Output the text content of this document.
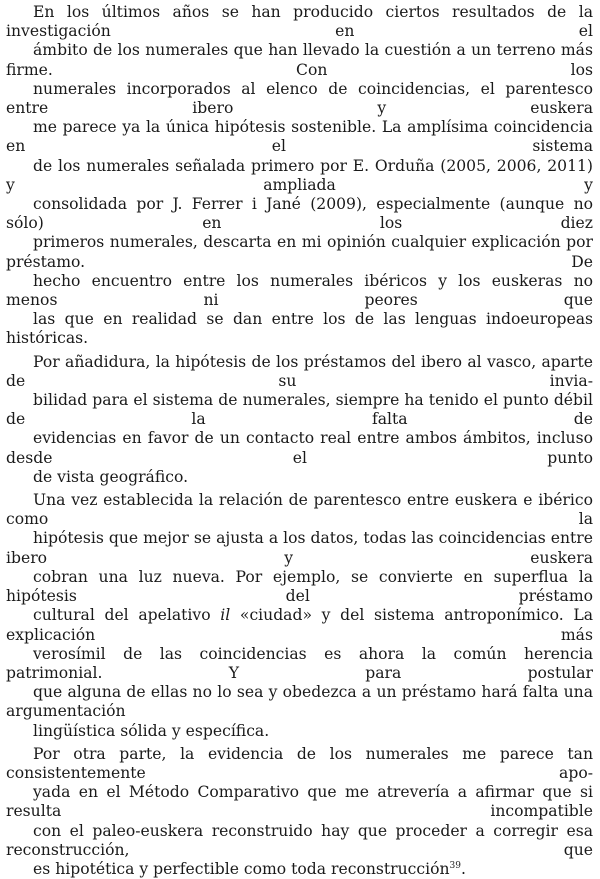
En los últimos años se han producido ciertos resultados de la investigación en el
ámbito de los numerales que han llevado la cuestión a un terreno más firme. Con los
numerales incorporados al elenco de coincidencias, el parentesco entre ibero y euskera
me parece ya la única hipótesis sostenible. La amplísima coincidencia en el sistema
de los numerales señalada primero por E. Orduña (2005, 2006, 2011) y ampliada y
consolidada por J. Ferrer i Jané (2009), especialmente (aunque no sólo) en los diez
primeros numerales, descarta en mi opinión cualquier explicación por préstamo. De
hecho encuentro entre los numerales ibéricos y los euskeras no menos ni peores que
las que en realidad se dan entre los de las lenguas indoeuropeas históricas.
Por añadidura, la hipótesis de los préstamos del ibero al vasco, aparte de su invia-
bilidad para el sistema de numerales, siempre ha tenido el punto débil de la falta de
evidencias en favor de un contacto real entre ambos ámbitos, incluso desde el punto
de vista geográfico.
Una vez establecida la relación de parentesco entre euskera e ibérico como la
hipótesis que mejor se ajusta a los datos, todas las coincidencias entre ibero y euskera
cobran una luz nueva. Por ejemplo, se convierte en superflua la hipótesis del préstamo
cultural del apelativo il «ciudad» y del sistema antroponímico. La explicación más
verosímil de las coincidencias es ahora la común herencia patrimonial. Y para postular
que alguna de ellas no lo sea y obedezca a un préstamo hará falta una argumentación
lingüística sólida y específica.
Por otra parte, la evidencia de los numerales me parece tan consistentemente apo-
yada en el Método Comparativo que me atrevería a afirmar que si resulta incompatible
con el paleo-euskera reconstruido hay que proceder a corregir esa reconstrucción, que
es hipotética y perfectible como toda reconstrucción$^{39}$.
